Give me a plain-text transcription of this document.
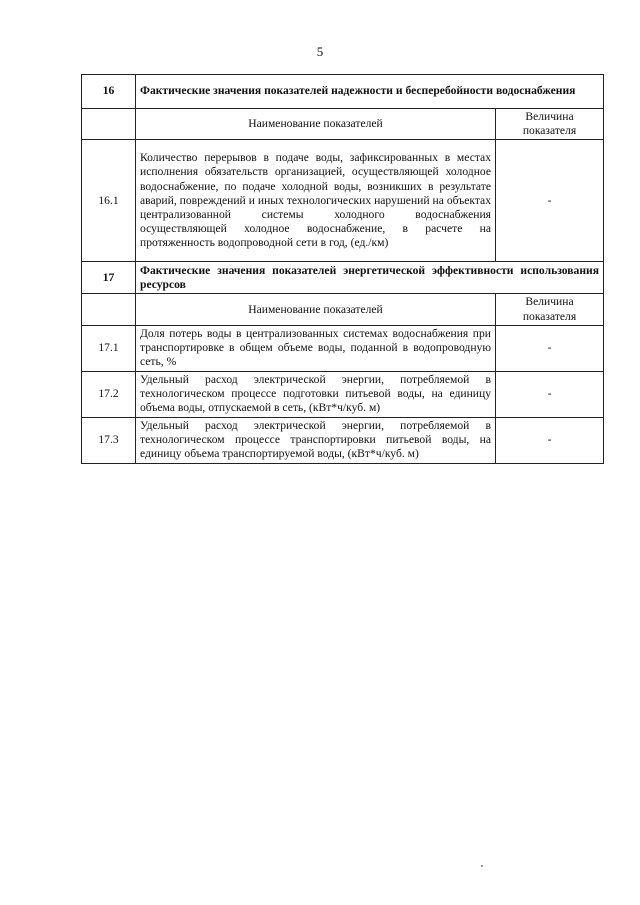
5
16	Фактические значения показателей надежности и бесперебойности водоснабжения	
	Наименование показателей	Величина показателя
16.1	Количество перерывов в подаче воды, зафиксированных в местах исполнения обязательств организацией, осуществляющей холодное водоснабжение, по подаче холодной воды, возникших в результате аварий, повреждений и иных технологических нарушений на объектах централизованной системы холодного водоснабжения осуществляющей холодное водоснабжение, в расчете на протяженность водопроводной сети в год, (ед./км)	-
17	Фактические значения показателей энергетической эффективности использования ресурсов	
	Наименование показателей	Величина показателя
17.1	Доля потерь воды в централизованных системах водоснабжения при транспортировке в общем объеме воды, поданной в водопроводную сеть, %	-
17.2	Удельный расход электрической энергии, потребляемой в технологическом процессе подготовки питьевой воды, на единицу объема воды, отпускаемой в сеть, (кВт*ч/куб. м)	-
17.3	Удельный расход электрической энергии, потребляемой в технологическом процессе транспортировки питьевой воды, на единицу объема транспортируемой воды, (кВт*ч/куб. м)	-
